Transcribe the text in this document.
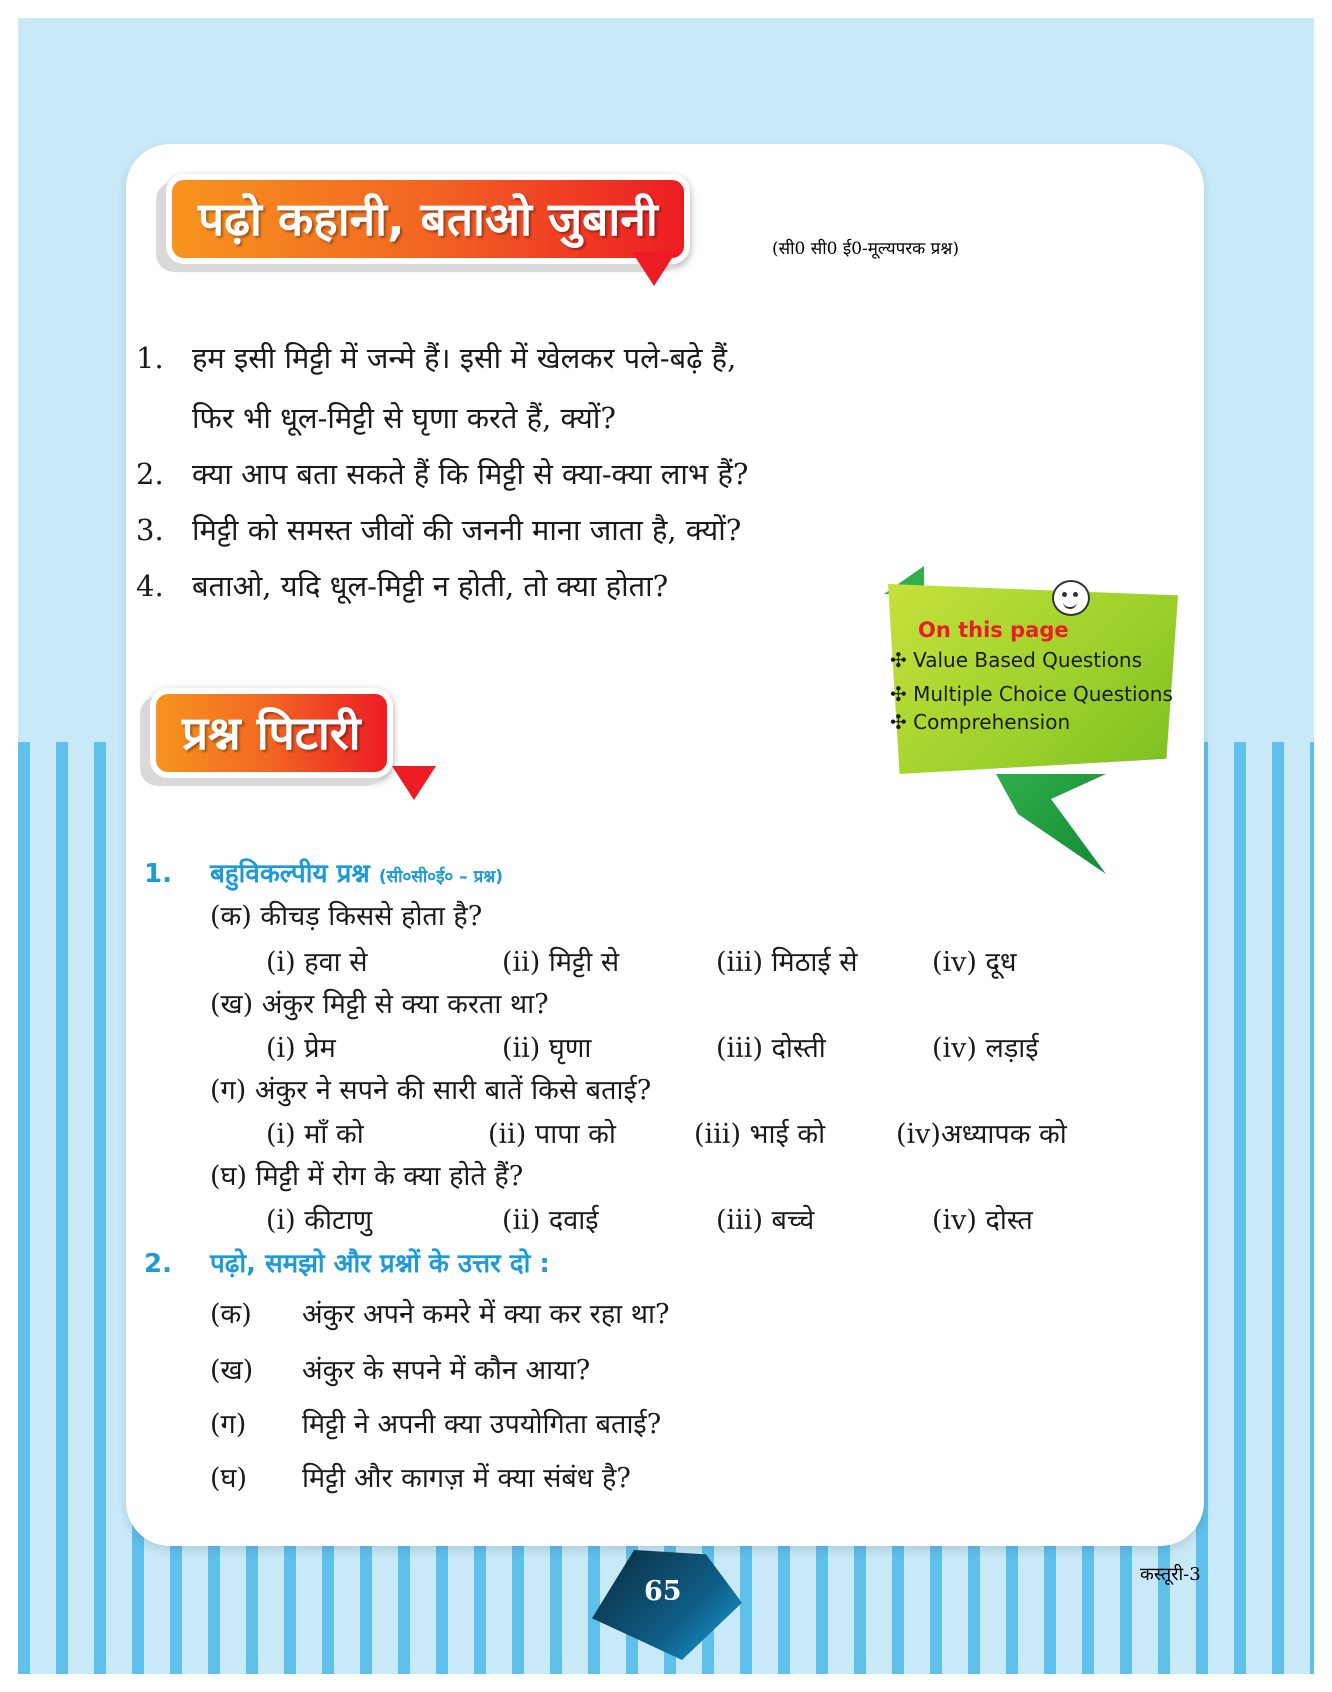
पढ़ो कहानी, बताओ जुबानी
(सी0 सी0 ई0-मूल्यपरक प्रश्न)
1. हम इसी मिट्टी में जन्मे हैं। इसी में खेलकर पले-बढ़े हैं,
फिर भी धूल-मिट्टी से घृणा करते हैं, क्यों?
2. क्या आप बता सकते हैं कि मिट्टी से क्या-क्या लाभ हैं?
3. मिट्टी को समस्त जीवों की जननी माना जाता है, क्यों?
4. बताओ, यदि धूल-मिट्टी न होती, तो क्या होता?
On this page
✣ Value Based Questions
✣ Multiple Choice Questions
✣ Comprehension
प्रश्न पिटारी
1. बहुविकल्पीय प्रश्न (सी०सी०ई० – प्रश्न)
(क) कीचड़ किससे होता है?
(i) हवा से	(ii) मिट्टी से	(iii) मिठाई से	(iv) दूध
(ख) अंकुर मिट्टी से क्या करता था?
(i) प्रेम	(ii) घृणा	(iii) दोस्ती	(iv) लड़ाई
(ग) अंकुर ने सपने की सारी बातें किसे बताई?
(i) माँ को	(ii) पापा को	(iii) भाई को	(iv)अध्यापक को
(घ) मिट्टी में रोग के क्या होते हैं?
(i) कीटाणु	(ii) दवाई	(iii) बच्चे	(iv) दोस्त
2. पढ़ो, समझो और प्रश्नों के उत्तर दो :
(क) अंकुर अपने कमरे में क्या कर रहा था?
(ख) अंकुर के सपने में कौन आया?
(ग) मिट्टी ने अपनी क्या उपयोगिता बताई?
(घ) मिट्टी और कागज़ में क्या संबंध है?
65
कस्तूरी-3
